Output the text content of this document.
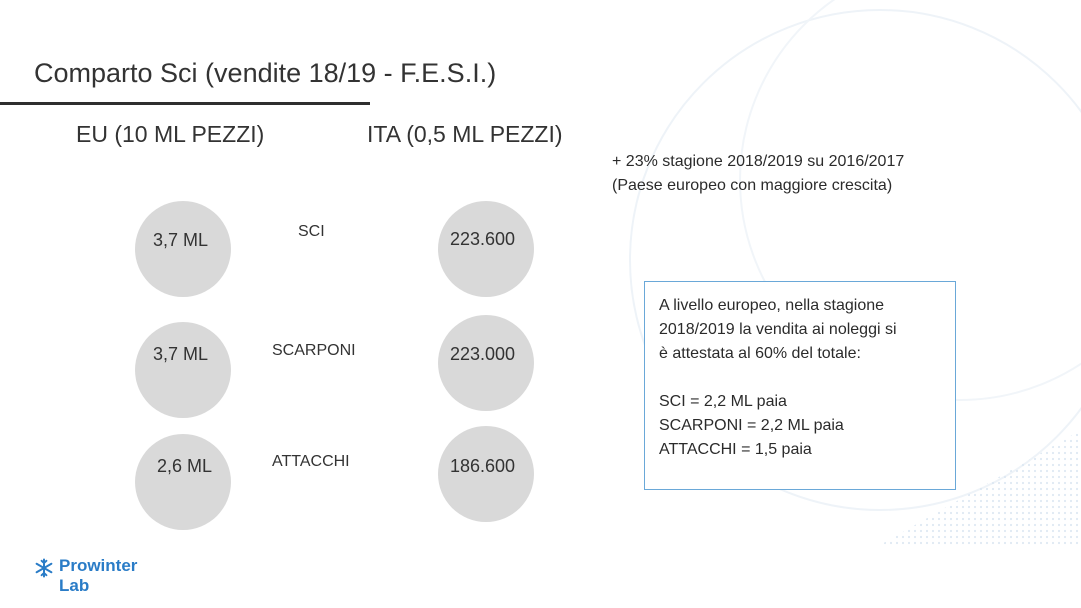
Comparto Sci (vendite 18/19 - F.E.S.I.)
EU (10 ML PEZZI)	ITA (0,5 ML PEZZI)
3,7 ML	SCI	223.600
3,7 ML	SCARPONI	223.000
2,6 ML	ATTACCHI	186.600
+ 23% stagione 2018/2019 su 2016/2017
(Paese europeo con maggiore crescita)
A livello europeo, nella stagione
2018/2019 la vendita ai noleggi si
è attestata al 60% del totale:
SCI = 2,2 ML paia
SCARPONI = 2,2 ML paia
ATTACCHI = 1,5 paia
Prowinter
Lab
